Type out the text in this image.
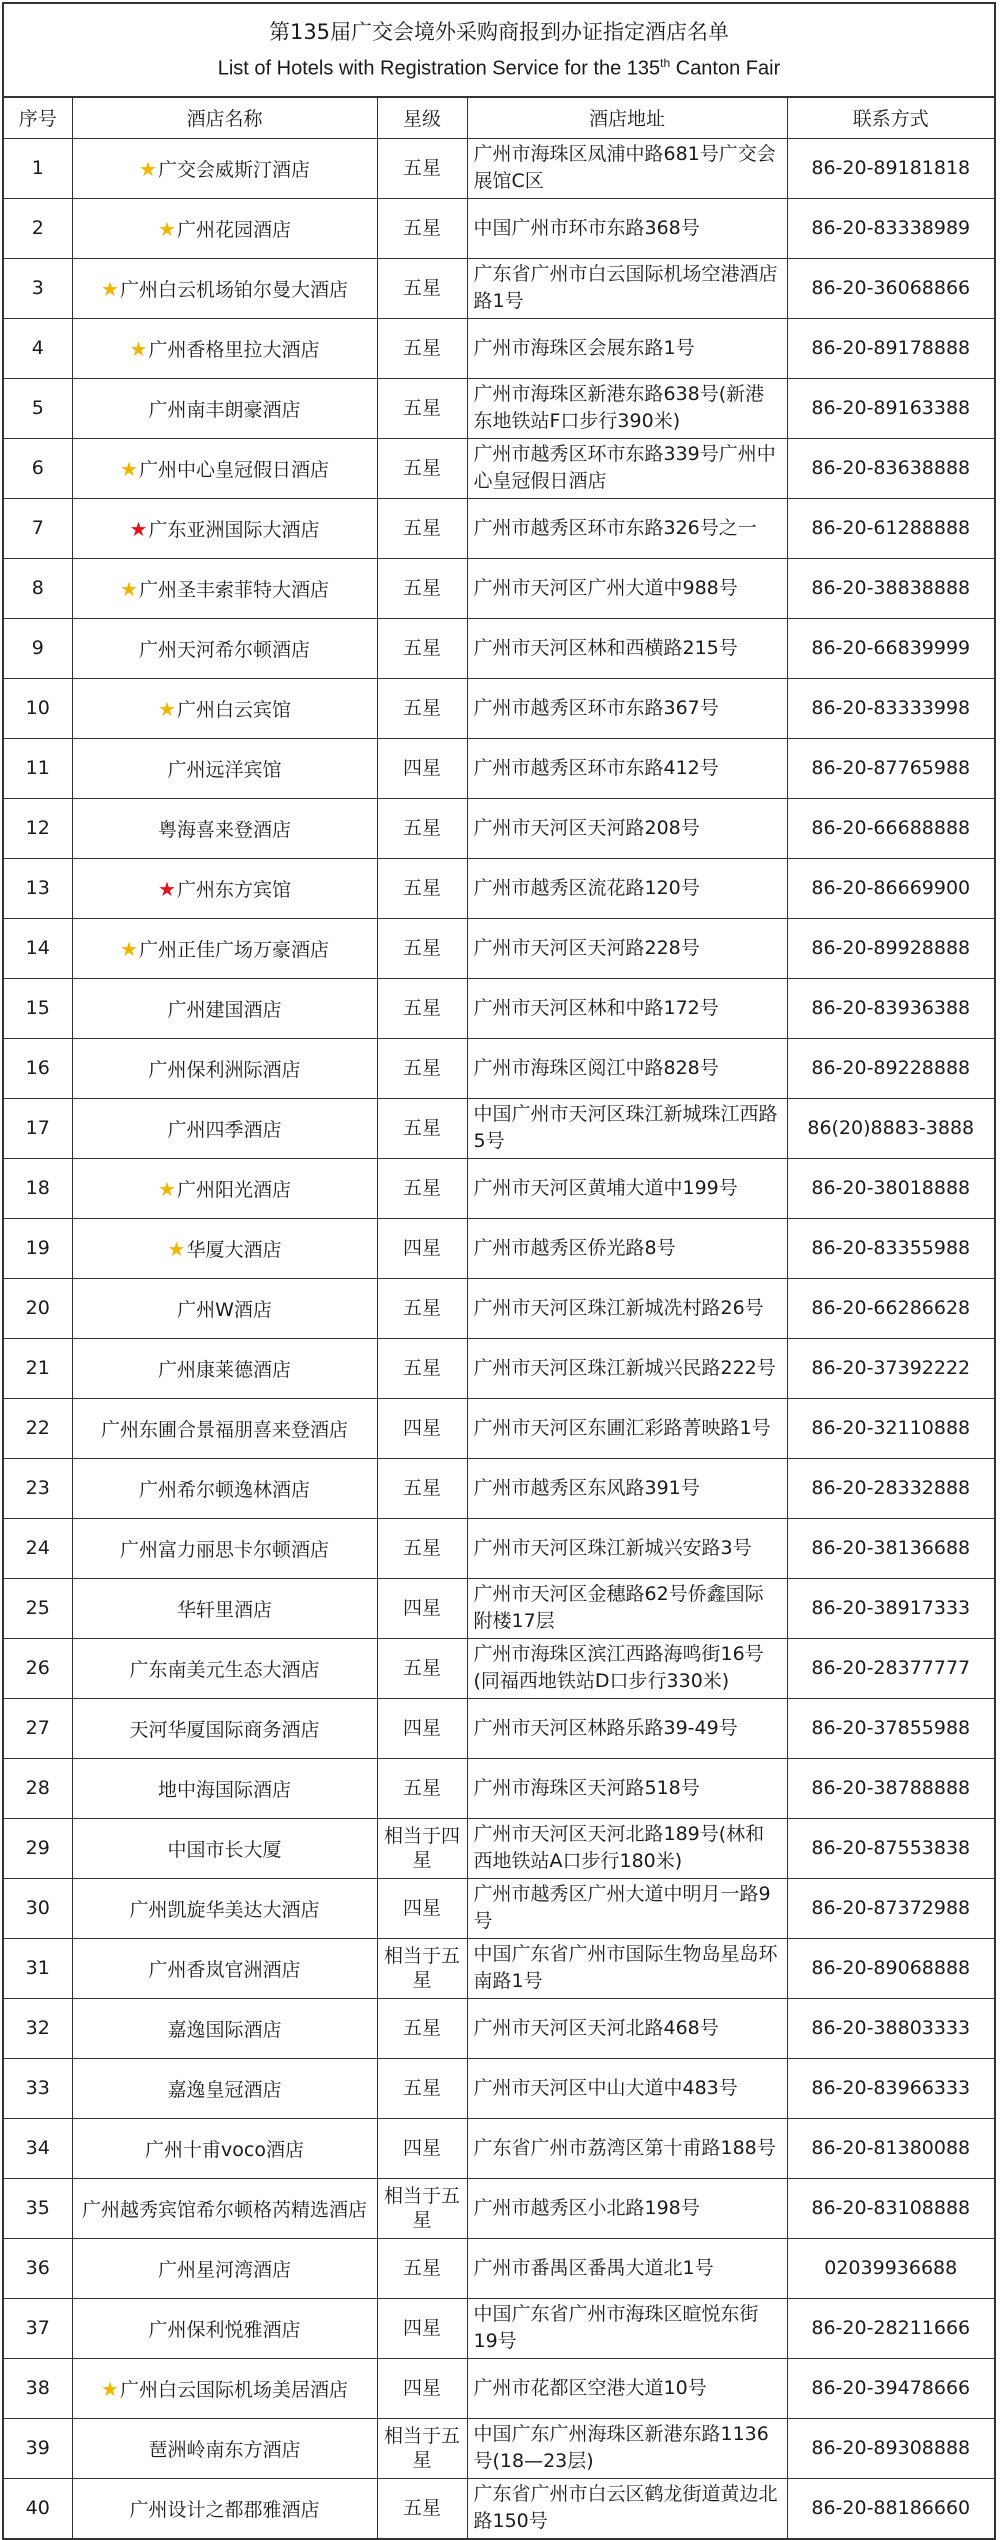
第135届广交会境外采购商报到办证指定酒店名单
List of Hotels with Registration Service for the 135th Canton Fair
序号	酒店名称	星级	酒店地址	联系方式
1	★广交会威斯汀酒店	五星	广州市海珠区凤浦中路681号广交会展馆C区	86-20-89181818
2	★广州花园酒店	五星	中国广州市环市东路368号	86-20-83338989
3	★广州白云机场铂尔曼大酒店	五星	广东省广州市白云国际机场空港酒店路1号	86-20-36068866
4	★广州香格里拉大酒店	五星	广州市海珠区会展东路1号	86-20-89178888
5	广州南丰朗豪酒店	五星	广州市海珠区新港东路638号(新港东地铁站F口步行390米)	86-20-89163388
6	★广州中心皇冠假日酒店	五星	广州市越秀区环市东路339号广州中心皇冠假日酒店	86-20-83638888
7	★广东亚洲国际大酒店	五星	广州市越秀区环市东路326号之一	86-20-61288888
8	★广州圣丰索菲特大酒店	五星	广州市天河区广州大道中988号	86-20-38838888
9	广州天河希尔顿酒店	五星	广州市天河区林和西横路215号	86-20-66839999
10	★广州白云宾馆	五星	广州市越秀区环市东路367号	86-20-83333998
11	广州远洋宾馆	四星	广州市越秀区环市东路412号	86-20-87765988
12	粤海喜来登酒店	五星	广州市天河区天河路208号	86-20-66688888
13	★广州东方宾馆	五星	广州市越秀区流花路120号	86-20-86669900
14	★广州正佳广场万豪酒店	五星	广州市天河区天河路228号	86-20-89928888
15	广州建国酒店	五星	广州市天河区林和中路172号	86-20-83936388
16	广州保利洲际酒店	五星	广州市海珠区阅江中路828号	86-20-89228888
17	广州四季酒店	五星	中国广州市天河区珠江新城珠江西路5号	86(20)8883-3888
18	★广州阳光酒店	五星	广州市天河区黄埔大道中199号	86-20-38018888
19	★华厦大酒店	四星	广州市越秀区侨光路8号	86-20-83355988
20	广州W酒店	五星	广州市天河区珠江新城冼村路26号	86-20-66286628
21	广州康莱德酒店	五星	广州市天河区珠江新城兴民路222号	86-20-37392222
22	广州东圃合景福朋喜来登酒店	四星	广州市天河区东圃汇彩路菁映路1号	86-20-32110888
23	广州希尔顿逸林酒店	五星	广州市越秀区东风路391号	86-20-28332888
24	广州富力丽思卡尔顿酒店	五星	广州市天河区珠江新城兴安路3号	86-20-38136688
25	华轩里酒店	四星	广州市天河区金穗路62号侨鑫国际附楼17层	86-20-38917333
26	广东南美元生态大酒店	五星	广州市海珠区滨江西路海鸣街16号(同福西地铁站D口步行330米)	86-20-28377777
27	天河华厦国际商务酒店	四星	广州市天河区林路乐路39-49号	86-20-37855988
28	地中海国际酒店	五星	广州市海珠区天河路518号	86-20-38788888
29	中国市长大厦	相当于四星	广州市天河区天河北路189号(林和西地铁站A口步行180米)	86-20-87553838
30	广州凯旋华美达大酒店	四星	广州市越秀区广州大道中明月一路9号	86-20-87372988
31	广州香岚官洲酒店	相当于五星	中国广东省广州市国际生物岛星岛环南路1号	86-20-89068888
32	嘉逸国际酒店	五星	广州市天河区天河北路468号	86-20-38803333
33	嘉逸皇冠酒店	五星	广州市天河区中山大道中483号	86-20-83966333
34	广州十甫voco酒店	四星	广东省广州市荔湾区第十甫路188号	86-20-81380088
35	广州越秀宾馆希尔顿格芮精选酒店	相当于五星	广州市越秀区小北路198号	86-20-83108888
36	广州星河湾酒店	五星	广州市番禺区番禺大道北1号	02039936688
37	广州保利悦雅酒店	四星	中国广东省广州市海珠区暄悦东街19号	86-20-28211666
38	★广州白云国际机场美居酒店	四星	广州市花都区空港大道10号	86-20-39478666
39	琶洲岭南东方酒店	相当于五星	中国广东广州海珠区新港东路1136号(18—23层)	86-20-89308888
40	广州设计之都郡雅酒店	五星	广东省广州市白云区鹤龙街道黄边北路150号	86-20-88186660
